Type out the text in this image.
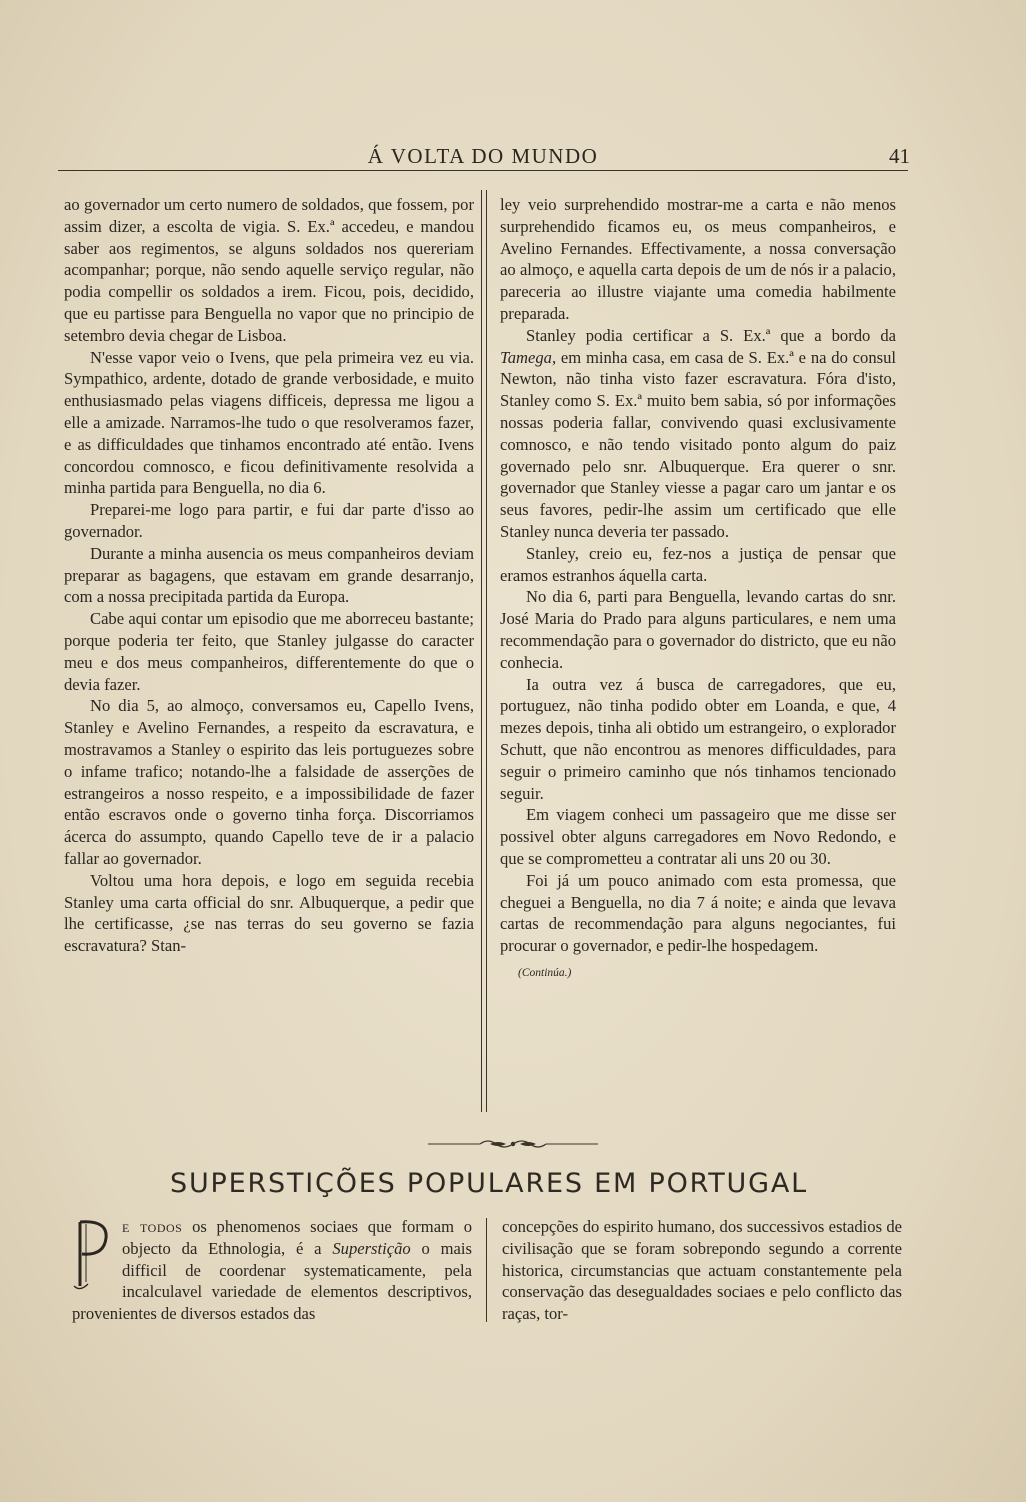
Á VOLTA DO MUNDO	41

ao governador um certo numero de soldados, que fossem, por assim dizer, a escolta de vigia. S. Ex.ª accedeu, e mandou saber aos regimentos, se alguns soldados nos quereriam acompanhar; porque, não sendo aquelle serviço regular, não podia compellir os soldados a irem. Ficou, pois, decidido, que eu partisse para Benguella no vapor que no principio de setembro devia chegar de Lisboa.

N'esse vapor veio o Ivens, que pela primeira vez eu via. Sympathico, ardente, dotado de grande verbosidade, e muito enthusiasmado pelas viagens difficeis, depressa me ligou a elle a amizade. Narramos-lhe tudo o que resolveramos fazer, e as difficuldades que tinhamos encontrado até então. Ivens concordou comnosco, e ficou definitivamente resolvida a minha partida para Benguella, no dia 6.

Preparei-me logo para partir, e fui dar parte d'isso ao governador.

Durante a minha ausencia os meus companheiros deviam preparar as bagagens, que estavam em grande desarranjo, com a nossa precipitada partida da Europa.

Cabe aqui contar um episodio que me aborreceu bastante; porque poderia ter feito, que Stanley julgasse do caracter meu e dos meus companheiros, differentemente do que o devia fazer.

No dia 5, ao almoço, conversamos eu, Capello Ivens, Stanley e Avelino Fernandes, a respeito da escravatura, e mostravamos a Stanley o espirito das leis portuguezes sobre o infame trafico; notando-lhe a falsidade de asserções de estrangeiros a nosso respeito, e a impossibilidade de fazer então escravos onde o governo tinha força. Discorriamos ácerca do assumpto, quando Capello teve de ir a palacio fallar ao governador.

Voltou uma hora depois, e logo em seguida recebia Stanley uma carta official do snr. Albuquerque, a pedir que lhe certificasse, ¿se nas terras do seu governo se fazia escravatura? Stan-

ley veio surprehendido mostrar-me a carta e não menos surprehendido ficamos eu, os meus companheiros, e Avelino Fernandes. Effectivamente, a nossa conversação ao almoço, e aquella carta depois de um de nós ir a palacio, pareceria ao illustre viajante uma comedia habilmente preparada.

Stanley podia certificar a S. Ex.ª que a bordo da Tamega, em minha casa, em casa de S. Ex.ª e na do consul Newton, não tinha visto fazer escravatura. Fóra d'isto, Stanley como S. Ex.ª muito bem sabia, só por informações nossas poderia fallar, convivendo quasi exclusivamente comnosco, e não tendo visitado ponto algum do paiz governado pelo snr. Albuquerque. Era querer o snr. governador que Stanley viesse a pagar caro um jantar e os seus favores, pedir-lhe assim um certificado que elle Stanley nunca deveria ter passado.

Stanley, creio eu, fez-nos a justiça de pensar que eramos estranhos áquella carta.

No dia 6, parti para Benguella, levando cartas do snr. José Maria do Prado para alguns particulares, e nem uma recommendação para o governador do districto, que eu não conhecia.

Ia outra vez á busca de carregadores, que eu, portuguez, não tinha podido obter em Loanda, e que, 4 mezes depois, tinha ali obtido um estrangeiro, o explorador Schutt, que não encontrou as menores difficuldades, para seguir o primeiro caminho que nós tinhamos tencionado seguir.

Em viagem conheci um passageiro que me disse ser possivel obter alguns carregadores em Novo Redondo, e que se comprometteu a contratar ali uns 20 ou 30.

Foi já um pouco animado com esta promessa, que cheguei a Benguella, no dia 7 á noite; e ainda que levava cartas de recommendação para alguns negociantes, fui procurar o governador, e pedir-lhe hospedagem.

(Continúa.)
SUPERSTIÇÕES POPULARES EM PORTUGAL

e todos os phenomenos sociaes que formam o objecto da Ethnologia, é a Superstição o mais difficil de coordenar systematicamente, pela incalculavel variedade de elementos descriptivos, provenientes de diversos estados das

concepções do espirito humano, dos successivos estadios de civilisação que se foram sobrepondo segundo a corrente historica, circumstancias que actuam constantemente pela conservação das desegualdades sociaes e pelo conflicto das raças, tor-
